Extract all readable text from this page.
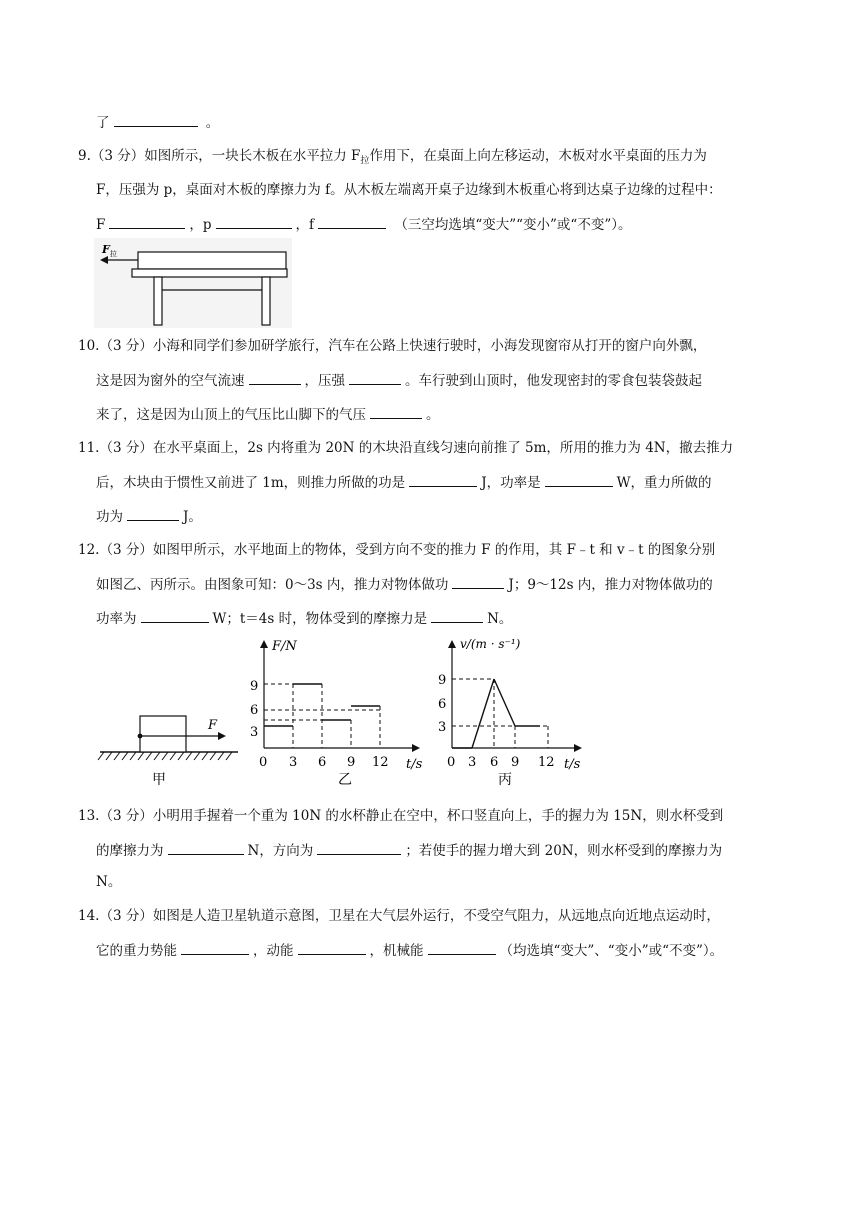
了	。
9.（3 分）如图所示，一块长木板在水平拉力 $F_拉$作用下，在桌面上向左移运动，木板对水平桌面的压力为
F，压强为 p，桌面对木板的摩擦力为 f。从木板左端离开桌子边缘到木板重心将到达桌子边缘的过程中：
F	，p	，f	（三空均选填“变大”“变小”或“不变”）。
F 拉
10.（3 分）小海和同学们参加研学旅行，汽车在公路上快速行驶时，小海发现窗帘从打开的窗户向外飘，
这是因为窗外的空气流速	，压强	。车行驶到山顶时，他发现密封的零食包装袋鼓起
来了，这是因为山顶上的气压比山脚下的气压	。
11.（3 分）在水平桌面上，2s 内将重为 20N 的木块沿直线匀速向前推了 5m，所用的推力为 4N，撤去推力
后，木块由于惯性又前进了 1m，则推力所做的功是	J，功率是	W，重力所做的
功为	J。
12.（3 分）如图甲所示，水平地面上的物体，受到方向不变的推力 F 的作用，其 F﹣t 和 v﹣t 的图象分别
如图乙、丙所示。由图象可知：0～3s 内，推力对物体做功	J；9～12s 内，推力对物体做功的
功率为	W；t＝4s 时，物体受到的摩擦力是	N。
F
甲
F/N
t/s
9
6
3
0 3 6 9 12
乙
v/(m · s⁻¹)
t/s
9
6
3
0 3 6 9 12
丙
13.（3 分）小明用手握着一个重为 10N 的水杯静止在空中，杯口竖直向上，手的握力为 15N，则水杯受到
的摩擦力为	N，方向为	；若使手的握力增大到 20N，则水杯受到的摩擦力为
N。
14.（3 分）如图是人造卫星轨道示意图，卫星在大气层外运行，不受空气阻力，从远地点向近地点运动时，
它的重力势能	，动能	，机械能	（均选填“变大”、“变小”或“不变”）。
